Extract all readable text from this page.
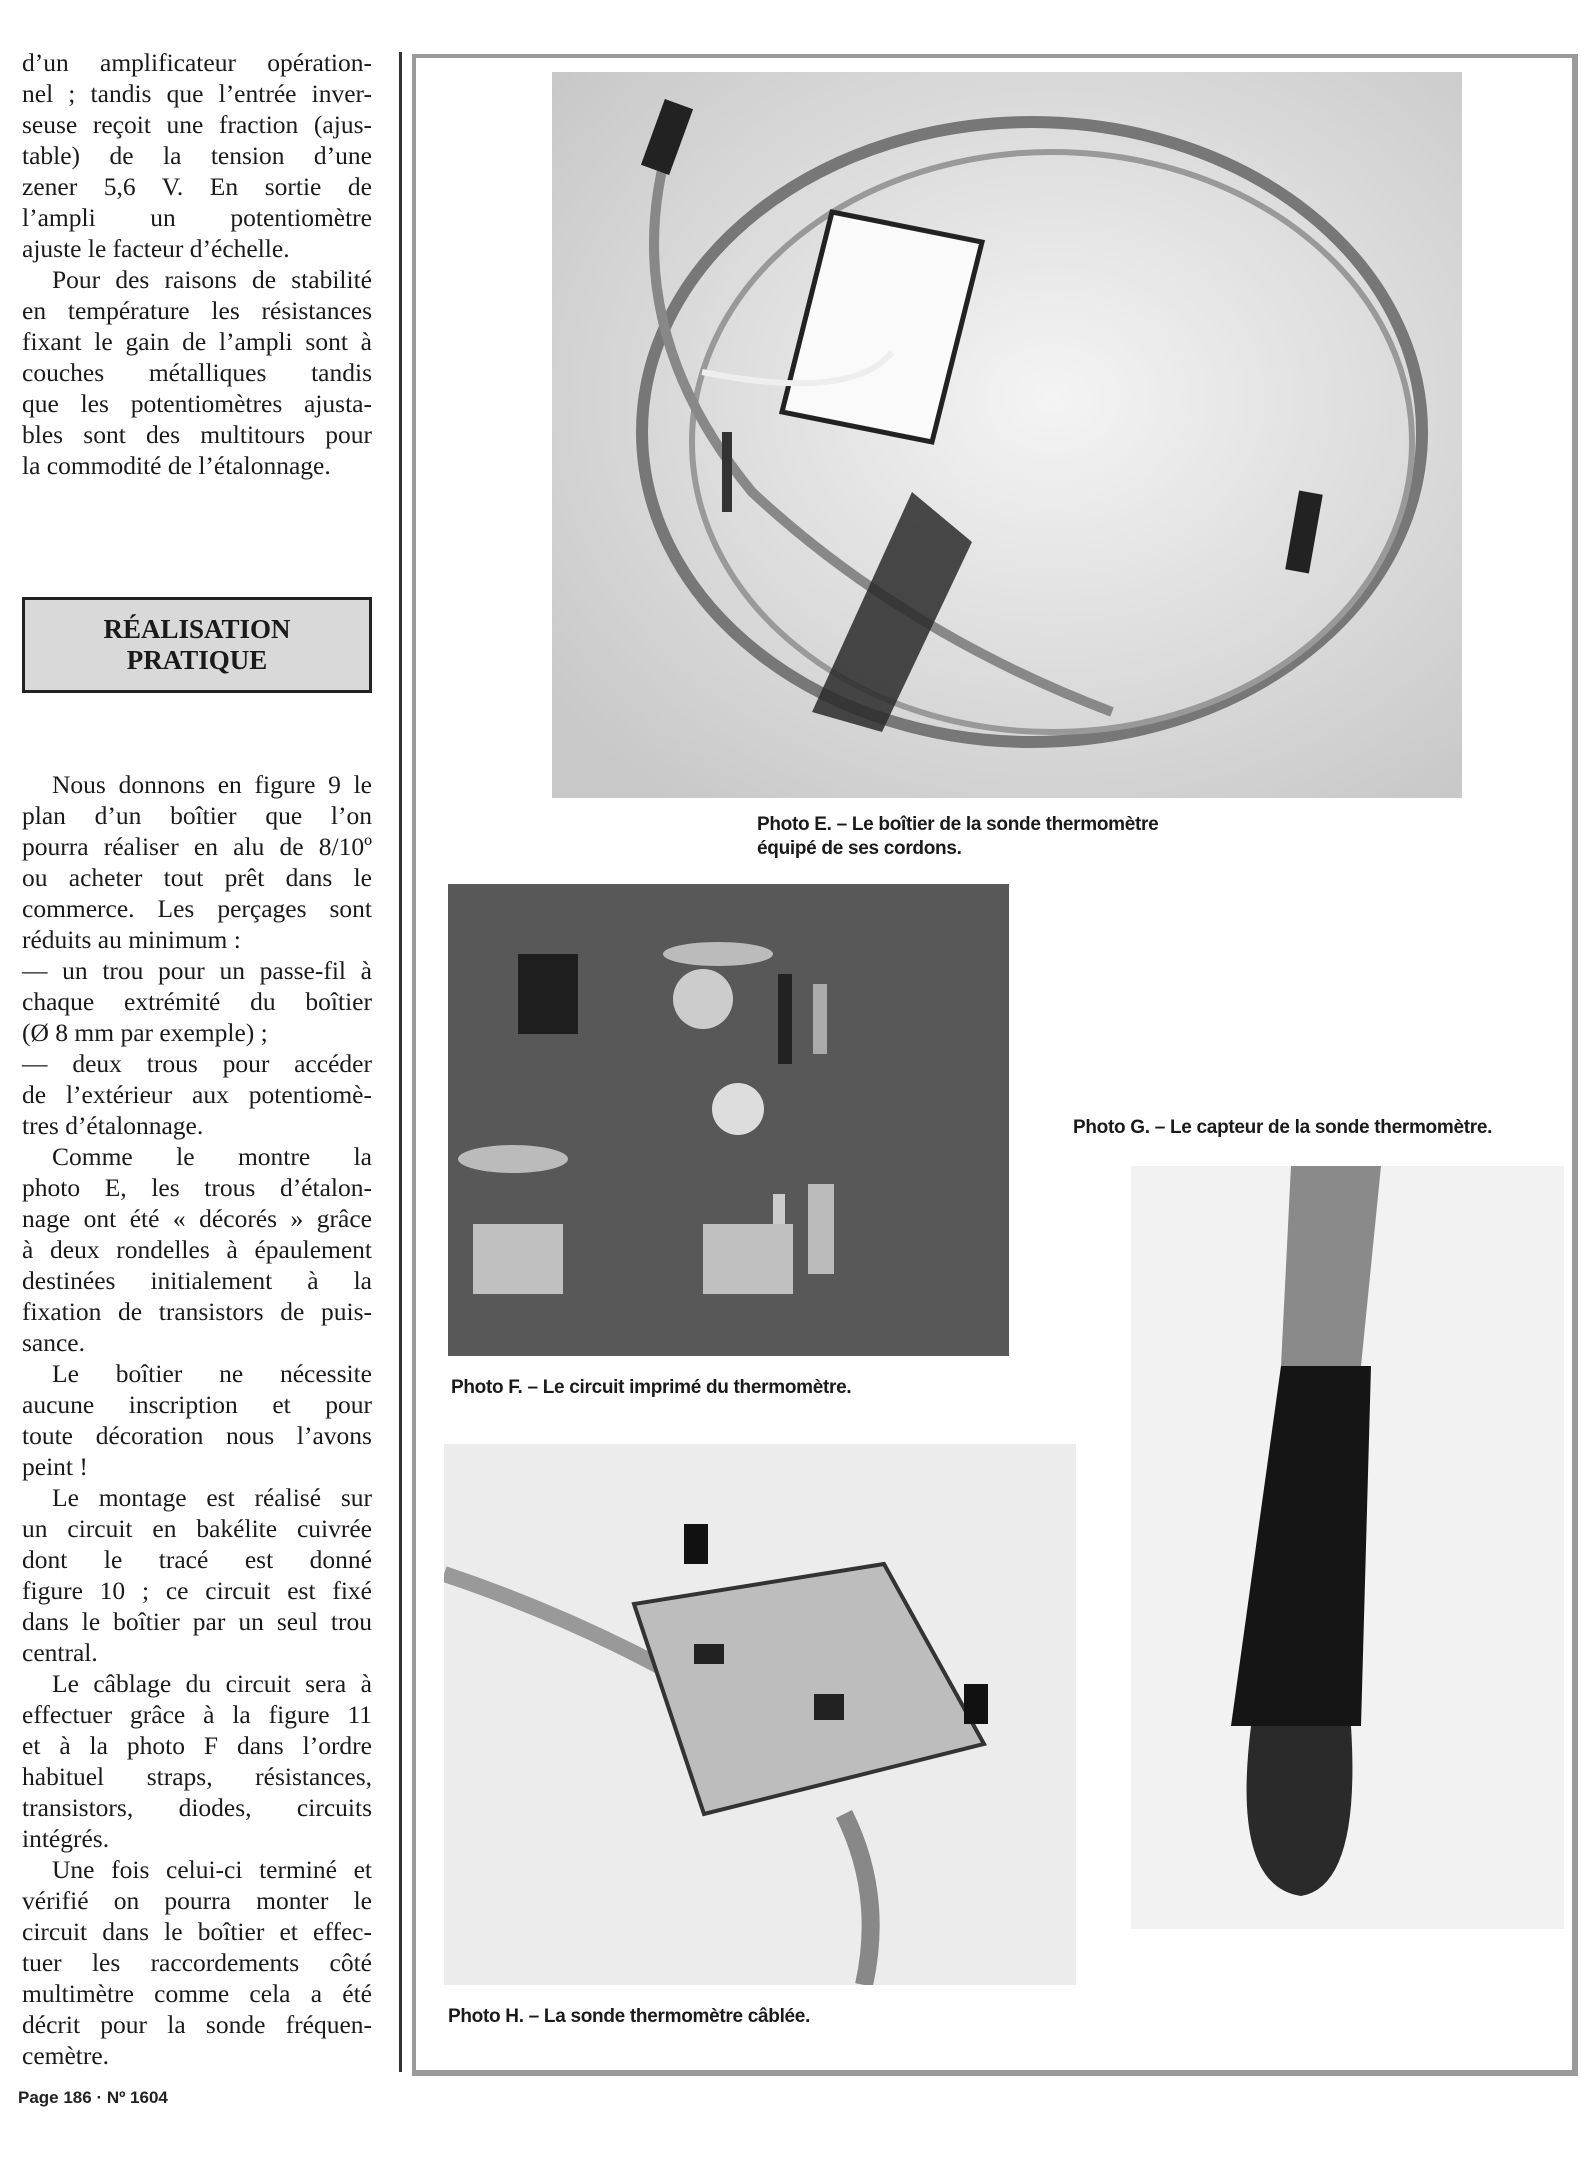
d’un amplificateur opération-
nel ; tandis que l’entrée inver-
seuse reçoit une fraction (ajus-
table) de la tension d’une
zener 5,6 V. En sortie de
l’ampli un potentiomètre
ajuste le facteur d’échelle.
Pour des raisons de stabilité
en température les résistances
fixant le gain de l’ampli sont à
couches métalliques tandis
que les potentiomètres ajusta-
bles sont des multitours pour
la commodité de l’étalonnage.
RÉALISATION
PRATIQUE
Nous donnons en figure 9 le
plan d’un boîtier que l’on
pourra réaliser en alu de 8/10º
ou acheter tout prêt dans le
commerce. Les perçages sont
réduits au minimum :
— un trou pour un passe-fil à
chaque extrémité du boîtier
(Ø 8 mm par exemple) ;
— deux trous pour accéder
de l’extérieur aux potentiomè-
tres d’étalonnage.
Comme le montre la
photo E, les trous d’étalon-
nage ont été « décorés » grâce
à deux rondelles à épaulement
destinées initialement à la
fixation de transistors de puis-
sance.
Le boîtier ne nécessite
aucune inscription et pour
toute décoration nous l’avons
peint !
Le montage est réalisé sur
un circuit en bakélite cuivrée
dont le tracé est donné
figure 10 ; ce circuit est fixé
dans le boîtier par un seul trou
central.
Le câblage du circuit sera à
effectuer grâce à la figure 11
et à la photo F dans l’ordre
habituel straps, résistances,
transistors, diodes, circuits
intégrés.
Une fois celui-ci terminé et
vérifié on pourra monter le
circuit dans le boîtier et effec-
tuer les raccordements côté
multimètre comme cela a été
décrit pour la sonde fréquen-
cemètre.
Photo E. – Le boîtier de la sonde thermomètre
équipé de ses cordons.
Photo F. – Le circuit imprimé du thermomètre.
Photo G. – Le capteur de la sonde thermomètre.
Photo H. – La sonde thermomètre câblée.
Page 186 · Nº 1604
